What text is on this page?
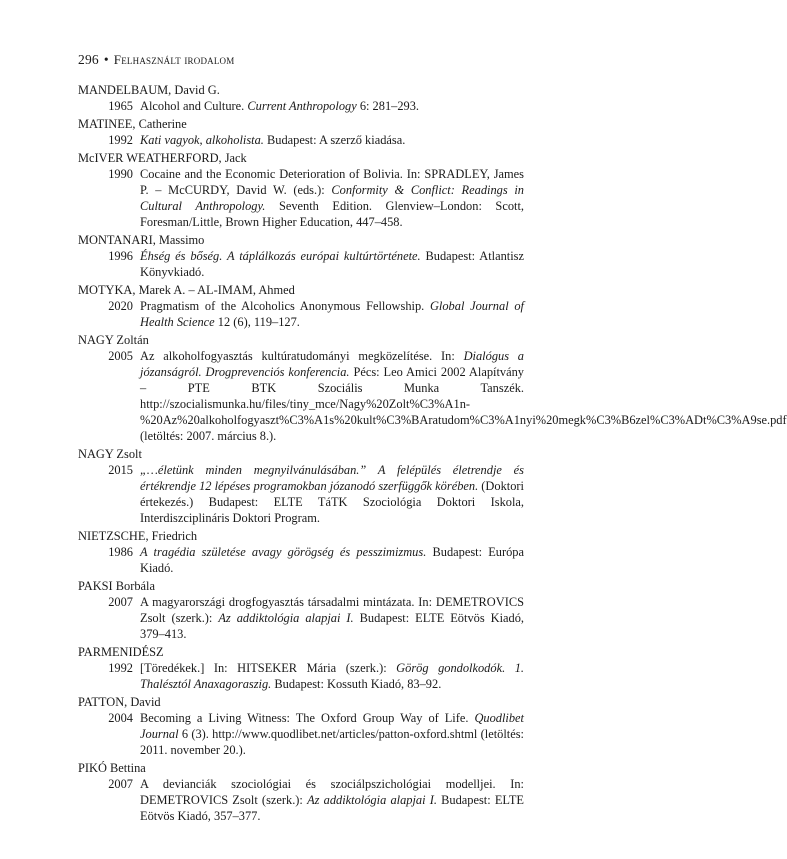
296 • Felhasznált irodalom
MANDELBAUM, David G.
1965 Alcohol and Culture. Current Anthropology 6: 281–293.
MATINEE, Catherine
1992 Kati vagyok, alkoholista. Budapest: A szerző kiadása.
McIVER WEATHERFORD, Jack
1990 Cocaine and the Economic Deterioration of Bolivia. In: SPRADLEY, James P. – McCURDY, David W. (eds.): Conformity & Conflict: Readings in Cultural Anthropology. Seventh Edition. Glenview–London: Scott, Foresman/Little, Brown Higher Education, 447–458.
MONTANARI, Massimo
1996 Éhség és bőség. A táplálkozás európai kultúrtörténete. Budapest: Atlantisz Könyvkiadó.
MOTYKA, Marek A. – AL-IMAM, Ahmed
2020 Pragmatism of the Alcoholics Anonymous Fellowship. Global Journal of Health Science 12 (6), 119–127.
NAGY Zoltán
2005 Az alkoholfogyasztás kultúratudományi megközelítése. In: Dialógus a józanságról. Drogprevenciós konferencia. Pécs: Leo Amici 2002 Alapítvány – PTE BTK Szociális Munka Tanszék. http://szocialismunka.hu/files/tiny_mce/Nagy%20Zolt%C3%A1n-%20Az%20alkoholfogyaszt%C3%A1s%20kult%C3%BAratudom%C3%A1nyi%20megk%C3%B6zel%C3%ADt%C3%A9se.pdf (letöltés: 2007. március 8.).
NAGY Zsolt
2015 „…életünk minden megnyilvánulásában.” A felépülés életrendje és értékrendje 12 lépéses programokban józanodó szerfüggők körében. (Doktori értekezés.) Budapest: ELTE TáTK Szociológia Doktori Iskola, Interdiszciplináris Doktori Program.
NIETZSCHE, Friedrich
1986 A tragédia születése avagy görögség és pesszimizmus. Budapest: Európa Kiadó.
PAKSI Borbála
2007 A magyarországi drogfogyasztás társadalmi mintázata. In: DEMETROVICS Zsolt (szerk.): Az addiktológia alapjai I. Budapest: ELTE Eötvös Kiadó, 379–413.
PARMENIDÉSZ
1992 [Töredékek.] In: HITSEKER Mária (szerk.): Görög gondolkodók. 1. Thalésztól Anaxagoraszig. Budapest: Kossuth Kiadó, 83–92.
PATTON, David
2004 Becoming a Living Witness: The Oxford Group Way of Life. Quodlibet Journal 6 (3). http://www.quodlibet.net/articles/patton-oxford.shtml (letöltés: 2011. november 20.).
PIKÓ Bettina
2007 A devianciák szociológiai és szociálpszichológiai modelljei. In: DEMETROVICS Zsolt (szerk.): Az addiktológia alapjai I. Budapest: ELTE Eötvös Kiadó, 357–377.
